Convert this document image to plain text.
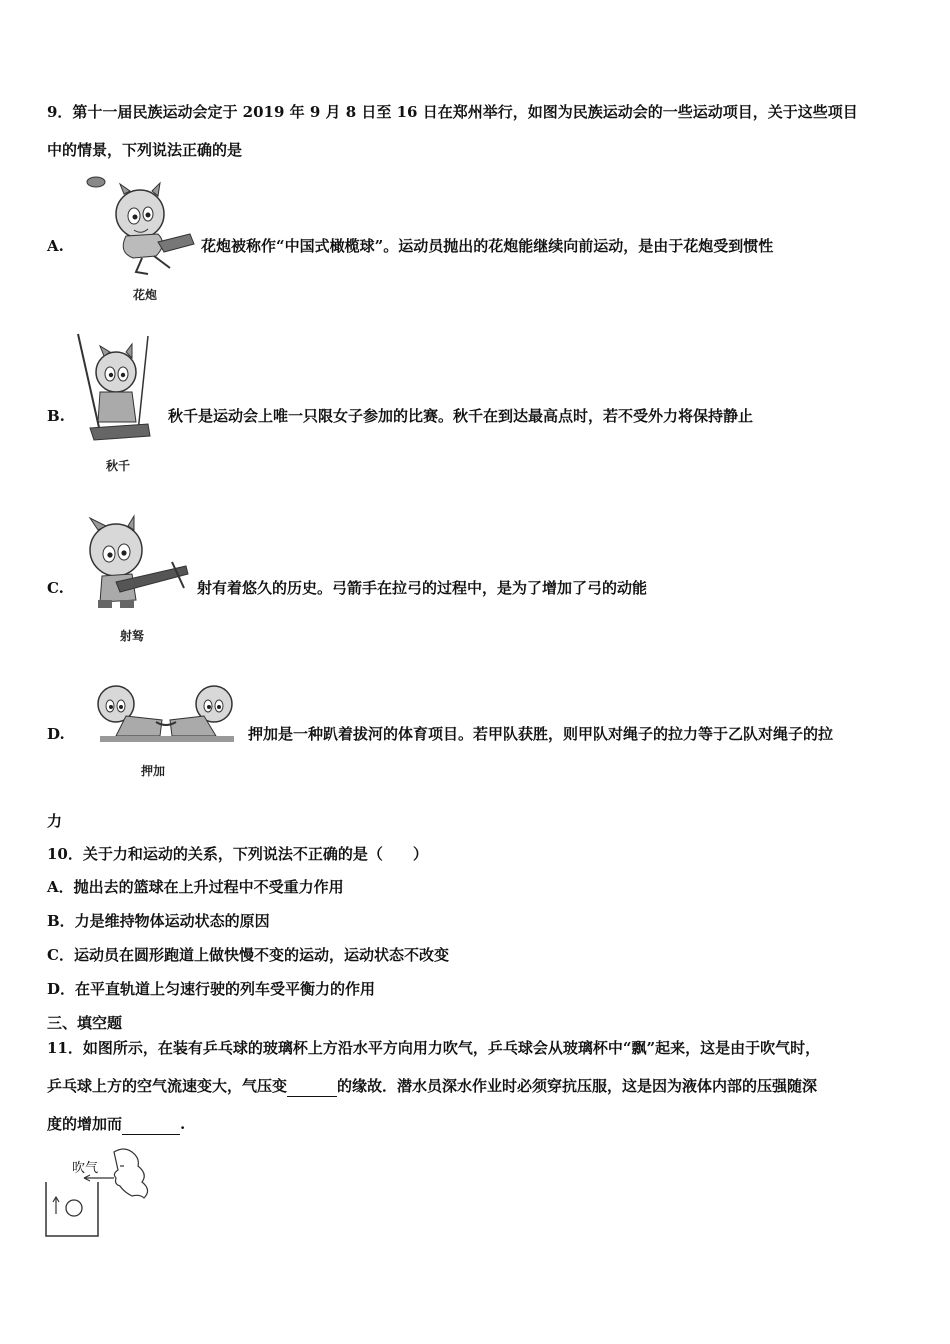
9．第十一届民族运动会定于 2019 年 9 月 8 日至 16 日在郑州举行，如图为民族运动会的一些运动项目，关于这些项目
中的情景，下列说法正确的是
A.
花炮
花炮被称作“中国式橄榄球”。运动员抛出的花炮能继续向前运动，是由于花炮受到惯性
B.
秋千
秋千是运动会上唯一只限女子参加的比赛。秋千在到达最高点时，若不受外力将保持静止
C.
射驽
射有着悠久的历史。弓箭手在拉弓的过程中，是为了增加了弓的动能
D.
押加
押加是一种趴着拔河的体育项目。若甲队获胜，则甲队对绳子的拉力等于乙队对绳子的拉
力
10．关于力和运动的关系，下列说法不正确的是（　　）
A．抛出去的篮球在上升过程中不受重力作用
B．力是维持物体运动状态的原因
C．运动员在圆形跑道上做快慢不变的运动，运动状态不改变
D．在平直轨道上匀速行驶的列车受平衡力的作用
三、填空题
11．如图所示，在装有乒乓球的玻璃杯上方沿水平方向用力吹气，乒乓球会从玻璃杯中“飘”起来，这是由于吹气时，
乒乓球上方的空气流速变大，气压变	的缘故．潜水员深水作业时必须穿抗压服，这是因为液体内部的压强随深
度的增加而	.
吹气
